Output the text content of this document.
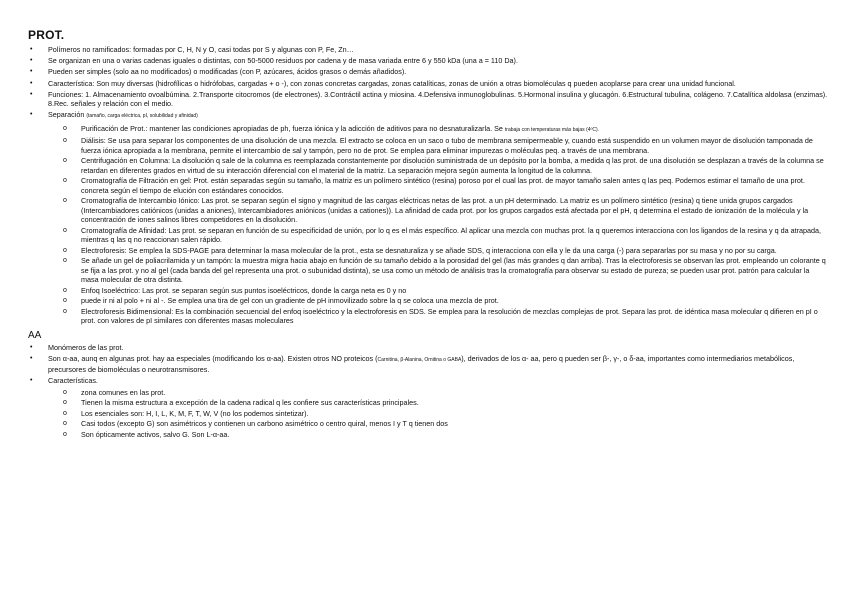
PROT.
• Polímeros no ramificados: formadas por C, H, N y O, casi todas por S y algunas con P, Fe, Zn…
• Se organizan en una o varias cadenas iguales o distintas, con 50-5000 residuos por cadena y de masa variada entre 6 y 550 kDa (una a = 110 Da).
• Pueden ser simples (solo aa no modificados) o modificadas (con P, azúcares, ácidos grasos o demás añadidos).
• Característica: Son muy diversas (hidrofílicas o hidrófobas, cargadas + o -), con zonas concretas cargadas, zonas catalíticas, zonas de unión a otras biomoléculas q pueden acoplarse para crear una unidad funcional.
• Funciones: 1. Almacenamiento ovoalbúmina. 2.Transporte citocromos (de electrones). 3.Contráctil actina y miosina. 4.Defensiva inmunoglobulinas. 5.Hormonal insulina y glucagón. 6.Estructural tubulina, colágeno. 7.Catalítica aldolasa (enzimas). 8.Rec. señales y relación con el medio.
• Separación (tamaño, carga eléctrica, pI, solubilidad y afinidad)
o Purificación de Prot.: mantener las condiciones apropiadas de ph, fuerza iónica y la adicción de aditivos para no desnaturalizarla. Se trabaja con temperaturas más bajas (4ºC).
o Diálisis: Se usa para separar los componentes de una disolución de una mezcla. El extracto se coloca en un saco o tubo de membrana semipermeable y, cuando está suspendido en un volumen mayor de disolución tamponada de fuerza iónica apropiada a la membrana, permite el intercambio de sal y tampón, pero no de prot. Se emplea para eliminar impurezas o moléculas peq. a través de una membrana.
o Centrifugación en Columna: La disolución q sale de la columna es reemplazada constantemente por disolución suministrada de un depósito por la bomba, a medida q las prot. de una disolución se desplazan a través de la columna se retardan en diferentes grados en virtud de su interacción diferencial con el material de la matriz. La separación mejora según aumenta la longitud de la columna.
o Cromatografía de Filtración en gel: Prot. están separadas según su tamaño, la matriz es un polímero sintético (resina) poroso por el cual las prot. de mayor tamaño salen antes q las peq. Podemos estimar el tamaño de una prot. concreta según el tiempo de elución con estándares conocidos.
o Cromatografía de Intercambio Iónico: Las prot. se separan según el signo y magnitud de las cargas eléctricas netas de las prot. a un pH determinado. La matriz es un polímero sintético (resina) q tiene unida grupos cargados (Intercambiadores catiónicos (unidas a aniones), Intercambiadores aniónicos (unidas a cationes)). La afinidad de cada prot. por los grupos cargados está afectada por el pH, q determina el estado de ionización de la molécula y la concentración de iones salinos libres competidores en la disolución.
o Cromatografía de Afinidad: Las prot. se separan en función de su especificidad de unión, por lo q es el más específico. Al aplicar una mezcla con muchas prot. la q queremos interacciona con los ligandos de la resina y q da atrapada, mientras q las q no reaccionan salen rápido.
o Electroforesis: Se emplea la SDS-PAGE para determinar la masa molecular de la prot., esta se desnaturaliza y se añade SDS, q interacciona con ella y le da una carga (-) para separarlas por su masa y no por su carga.
o Se añade un gel de poliacrilamida y un tampón: la muestra migra hacia abajo en función de su tamaño debido a la porosidad del gel (las más grandes q dan arriba). Tras la electroforesis se observan las prot. empleando un colorante q se fija a las prot. y no al gel (cada banda del gel representa una prot. o subunidad distinta), se usa como un método de análisis tras la cromatografía para observar su estado de pureza; se pueden usar prot. patrón para calcular la masa molecular de otra distinta.
o Enfoq Isoeléctrico: Las prot. se separan según sus puntos isoeléctricos, donde la carga neta es 0 y no
o puede ir ni al polo + ni al -. Se emplea una tira de gel con un gradiente de pH inmovilizado sobre la q se coloca una mezcla de prot.
o Electroforesis Bidimensional: Es la combinación secuencial del enfoq isoeléctrico y la electroforesis en SDS. Se emplea para la resolución de mezclas complejas de prot. Separa las prot. de idéntica masa molecular q difieren en pI o prot. con valores de pI similares con diferentes masas moleculares
AA
• Monómeros de las prot.
• Son α-aa, aunq en algunas prot. hay aa especiales (modificando los α-aa). Existen otros NO proteicos (Carnitina, β-Alanina, Ornitina o GABA), derivados de los α- aa, pero q pueden ser β-, γ-, o δ-aa, importantes como intermediarios metabólicos, precursores de biomoléculas o neurotransmisores.
• Características.
o zona comunes en las prot.
o Tienen la misma estructura a excepción de la cadena radical q les confiere sus características principales.
o Los esenciales son: H, I, L, K, M, F, T, W, V (no los podemos sintetizar).
o Casi todos (excepto G) son asimétricos y contienen un carbono asimétrico o centro quiral, menos I y T q tienen dos
o Son ópticamente activos, salvo G. Son L-α-aa.
